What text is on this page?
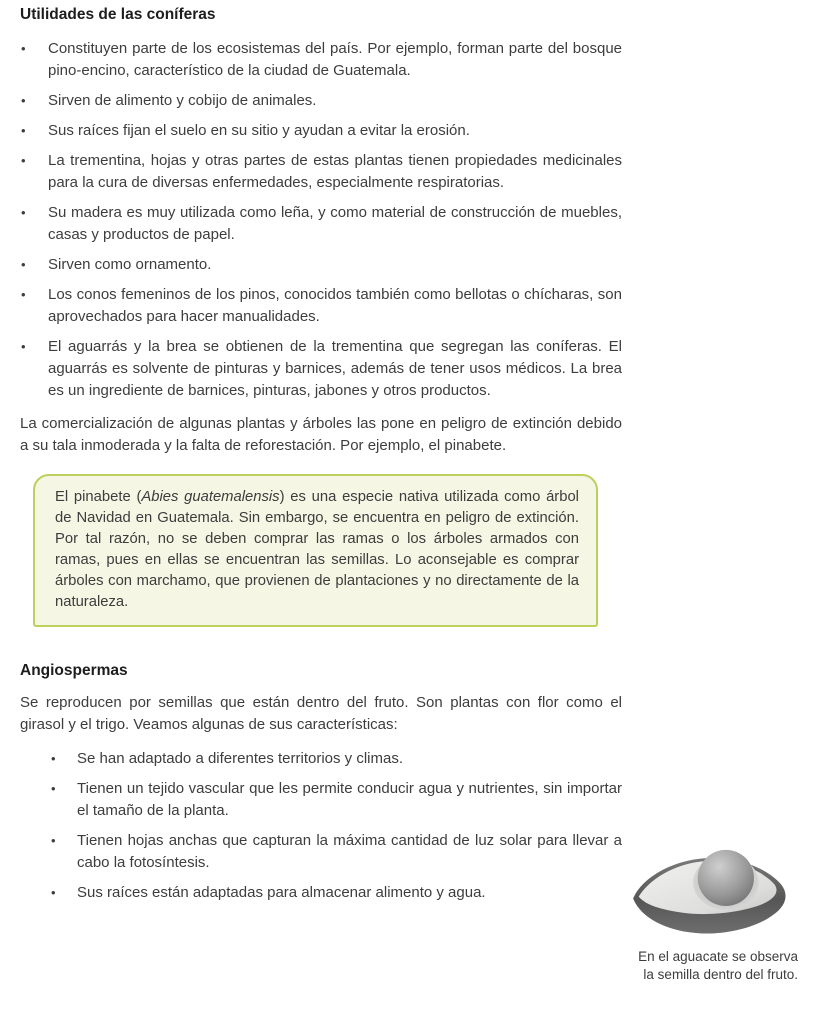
Utilidades de las coníferas
• Constituyen parte de los ecosistemas del país. Por ejemplo, forman parte del bosque pino-encino, característico de la ciudad de Guatemala.
• Sirven de alimento y cobijo de animales.
• Sus raíces fijan el suelo en su sitio y ayudan a evitar la erosión.
• La trementina, hojas y otras partes de estas plantas tienen propiedades medicinales para la cura de diversas enfermedades, especialmente respiratorias.
• Su madera es muy utilizada como leña, y como material de construcción de muebles, casas y productos de papel.
• Sirven como ornamento.
• Los conos femeninos de los pinos, conocidos también como bellotas o chícharas, son aprovechados para hacer manualidades.
• El aguarrás y la brea se obtienen de la trementina que segregan las coníferas. El aguarrás es solvente de pinturas y barnices, además de tener usos médicos. La brea es un ingrediente de barnices, pinturas, jabones y otros productos.

La comercialización de algunas plantas y árboles las pone en peligro de extinción debido a su tala inmoderada y la falta de reforestación. Por ejemplo, el pinabete.

El pinabete (Abies guatemalensis) es una especie nativa utilizada como árbol de Navidad en Guatemala. Sin embargo, se encuentra en peligro de extinción. Por tal razón, no se deben comprar las ramas o los árboles armados con ramas, pues en ellas se encuentran las semillas. Lo aconsejable es comprar árboles con marchamo, que provienen de plantaciones y no directamente de la naturaleza.

Angiospermas

Se reproducen por semillas que están dentro del fruto. Son plantas con flor como el girasol y el trigo. Veamos algunas de sus características:

• Se han adaptado a diferentes territorios y climas.
• Tienen un tejido vascular que les permite conducir agua y nutrientes, sin importar el tamaño de la planta.
• Tienen hojas anchas que capturan la máxima cantidad de luz solar para llevar a cabo la fotosíntesis.
• Sus raíces están adaptadas para almacenar alimento y agua.
En el aguacate se observa la semilla dentro del fruto.
